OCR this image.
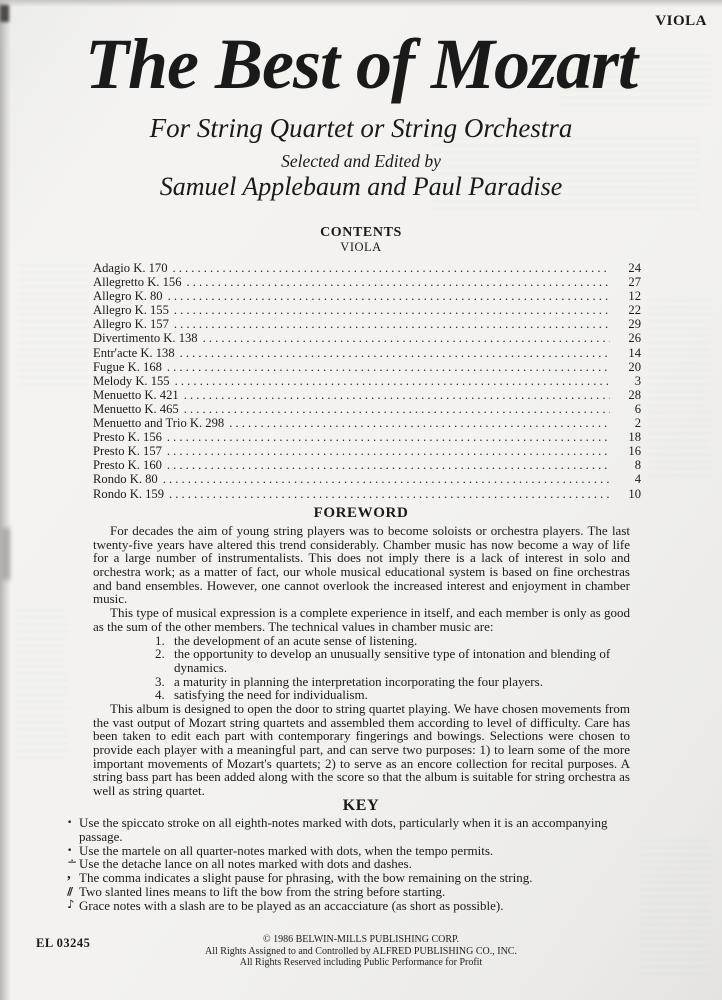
VIOLA
The Best of Mozart
For String Quartet or String Orchestra
Selected and Edited by
Samuel Applebaum and Paul Paradise
CONTENTS
VIOLA
Adagio K. 170 .....	24
Allegretto K. 156 .....	27
Allegro K. 80 .....	12
Allegro K. 155 .....	22
Allegro K. 157 .....	29
Divertimento K. 138 .....	26
Entr'acte K. 138 .....	14
Fugue K. 168 .....	20
Melody K. 155 .....	3
Menuetto K. 421 .....	28
Menuetto K. 465 .....	6
Menuetto and Trio K. 298 .....	2
Presto K. 156 .....	18
Presto K. 157 .....	16
Presto K. 160 .....	8
Rondo K. 80 .....	4
Rondo K. 159 .....	10
FOREWORD

For decades the aim of young string players was to become soloists or orchestra players. The last twenty-five years have altered this trend considerably. Chamber music has now become a way of life for a large number of instrumentalists. This does not imply there is a lack of interest in solo and orchestra work; as a matter of fact, our whole musical educational system is based on fine orchestras and band ensembles. However, one cannot overlook the increased interest and enjoyment in chamber music.

This type of musical expression is a complete experience in itself, and each member is only as good as the sum of the other members. The technical values in chamber music are:

1. the development of an acute sense of listening.
2. the opportunity to develop an unusually sensitive type of intonation and blending of dynamics.
3. a maturity in planning the interpretation incorporating the four players.
4. satisfying the need for individualism.

This album is designed to open the door to string quartet playing. We have chosen movements from the vast output of Mozart string quartets and assembled them according to level of difficulty. Care has been taken to edit each part with contemporary fingerings and bowings. Selections were chosen to provide each player with a meaningful part, and can serve two purposes: 1) to learn some of the more important movements of Mozart's quartets; 2) to serve as an encore collection for recital purposes. A string bass part has been added along with the score so that the album is suitable for string orchestra as well as string quartet.

KEY
• Use the spiccato stroke on all eighth-notes marked with dots, particularly when it is an accompanying passage.
• Use the martele on all quarter-notes marked with dots, when the tempo permits.
∸ Use the detache lance on all notes marked with dots and dashes.
, The comma indicates a slight pause for phrasing, with the bow remaining on the string.
// Two slanted lines means to lift the bow from the string before starting.
♪ Grace notes with a slash are to be played as an accacciature (as short as possible).
EL 03245	© 1986 BELWIN-MILLS PUBLISHING CORP.
All Rights Assigned to and Controlled by ALFRED PUBLISHING CO., INC.
All Rights Reserved including Public Performance for Profit
